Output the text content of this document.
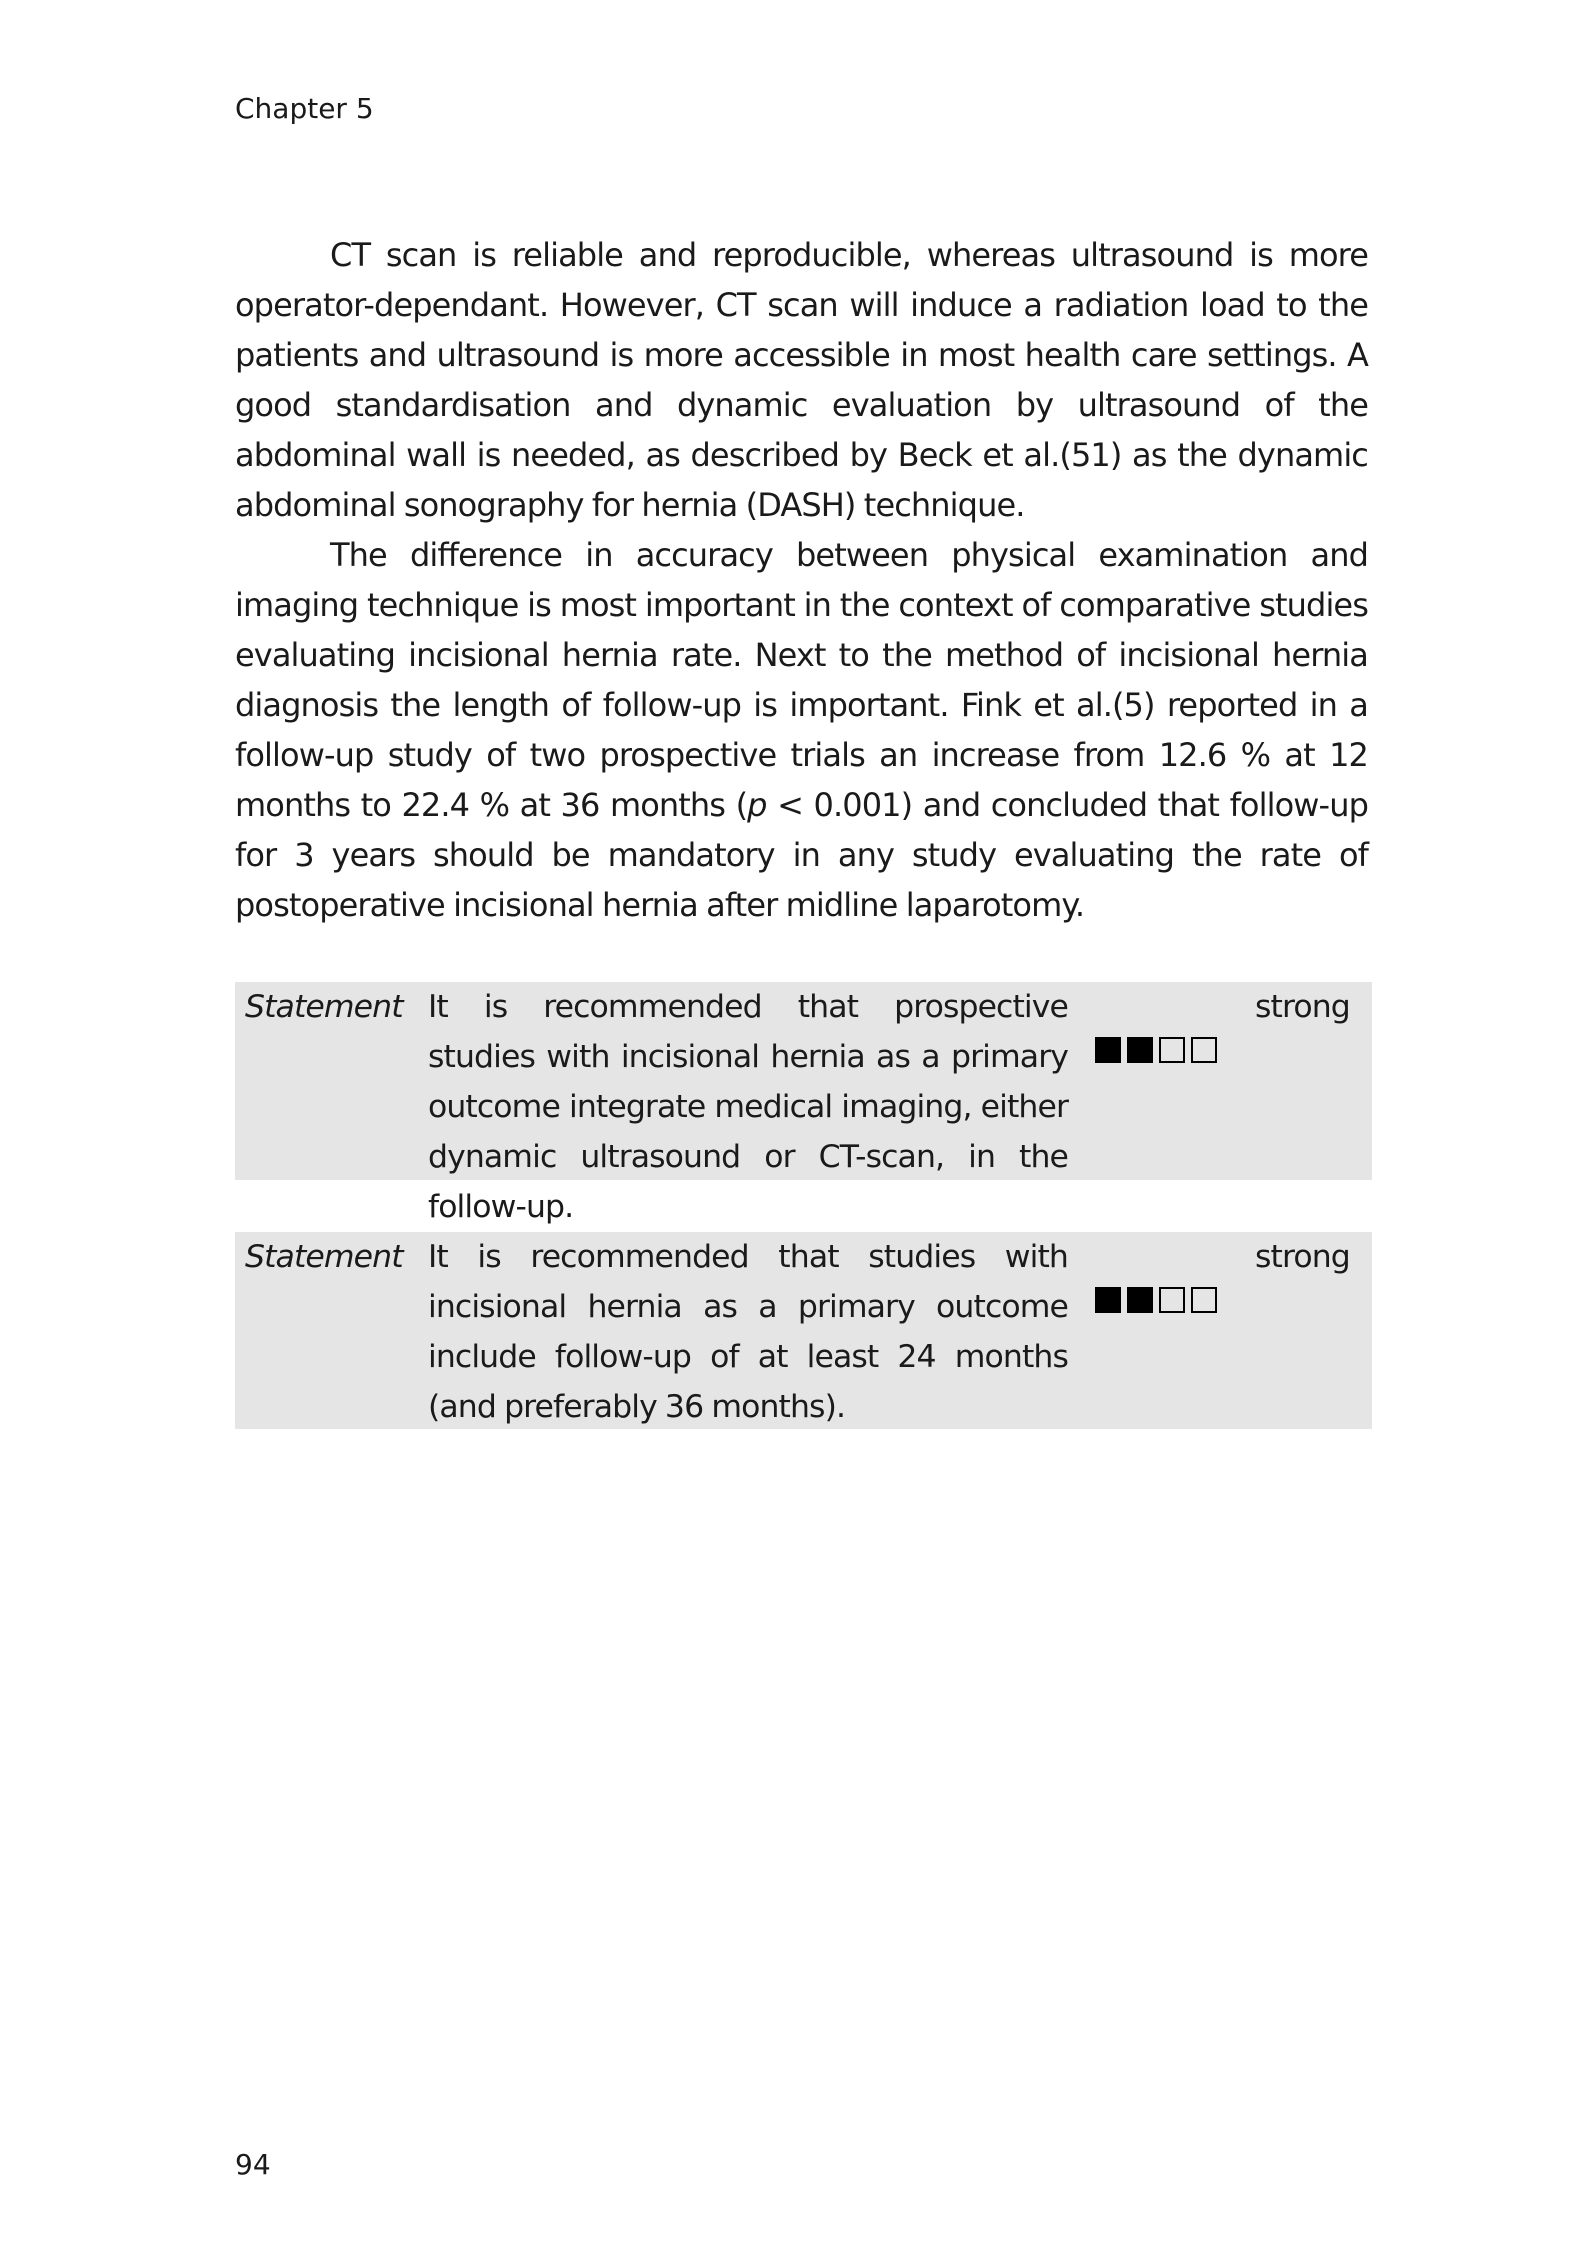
Chapter 5

CT scan is reliable and reproducible, whereas ultrasound is more operator-dependant. However, CT scan will induce a radiation load to the patients and ultrasound is more accessible in most health care settings. A good standardisation and dynamic evaluation by ultrasound of the abdominal wall is needed, as described by Beck et al.(51) as the dynamic abdominal sonography for hernia (DASH) technique.

The difference in accuracy between physical examination and imaging technique is most important in the context of comparative studies evaluating incisional hernia rate. Next to the method of incisional hernia diagnosis the length of follow-up is important. Fink et al.(5) reported in a follow-up study of two prospective trials an increase from 12.6 % at 12 months to 22.4 % at 36 months (p < 0.001) and concluded that follow-up for 3 years should be mandatory in any study evaluating the rate of postoperative incisional hernia after midline laparotomy.

Statement It is recommended that prospective studies with incisional hernia as a primary outcome integrate medical imaging, either dynamic ultrasound or CT-scan, in the follow-up.
strong
Statement It is recommended that studies with incisional hernia as a primary outcome include follow-up of at least 24 months (and preferably 36 months).
strong
94
